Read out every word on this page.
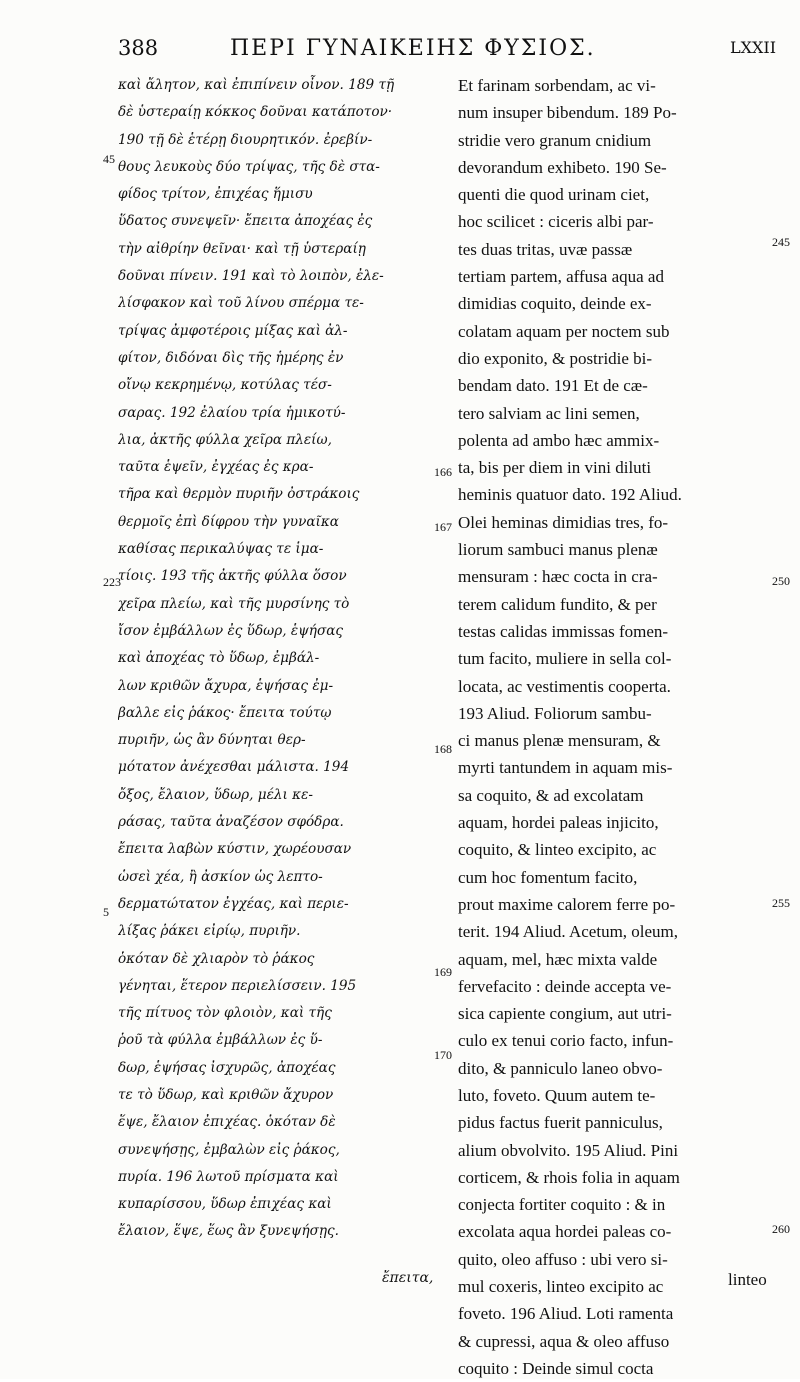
388	ΠΕΡΙ ΓΥΝΑΙΚΕΙΗΣ ΦΥΣΙΟΣ.	LXXII
καὶ ἄλητον, καὶ ἐπιπίνειν οἶνον. 189 τῇ
δὲ ὑστεραίῃ κόκκος δοῦναι κατάποτον·
190 τῇ δὲ ἑτέρῃ διουρητικόν. ἐρεβίν-
θους λευκοὺς δύο τρίψας, τῆς δὲ στα-
φίδος τρίτον, ἐπιχέας ἥμισυ
ὕδατος συνεψεῖν· ἔπειτα ἀποχέας ἐς
τὴν αἰθρίην θεῖναι· καὶ τῇ ὑστεραίῃ
δοῦναι πίνειν. 191 καὶ τὸ λοιπὸν, ἐλε-
λίσφακον καὶ τοῦ λίνου σπέρμα τε-
τρίψας ἀμφοτέροις μίξας καὶ ἀλ-
φίτον, διδόναι δὶς τῆς ἡμέρης ἐν
οἴνῳ κεκρημένῳ, κοτύλας τέσ-
σαρας. 192 ἐλαίου τρία ἡμικοτύ-
λια, ἀκτῆς φύλλα χεῖρα πλείω,
ταῦτα ἑψεῖν, ἐγχέας ἐς κρα-
τῆρα καὶ θερμὸν πυριῆν ὀστράκοις
θερμοῖς ἐπὶ δίφρου τὴν γυναῖκα
καθίσας περικαλύψας τε ἱμα-
τίοις. 193 τῆς ἀκτῆς φύλλα ὅσον
χεῖρα πλείω, καὶ τῆς μυρσίνης τὸ
ἴσον ἐμβάλλων ἐς ὕδωρ, ἑψήσας
καὶ ἀποχέας τὸ ὕδωρ, ἐμβάλ-
λων κριθῶν ἄχυρα, ἑψήσας ἐμ-
βαλλε εἰς ῥάκος· ἔπειτα τούτῳ
πυριῆν, ὡς ἂν δύνηται θερ-
μότατον ἀνέχεσθαι μάλιστα. 194
ὄξος, ἔλαιον, ὕδωρ, μέλι κε-
ράσας, ταῦτα ἀναζέσον σφόδρα.
ἔπειτα λαβὼν κύστιν, χωρέουσαν
ὡσεὶ χέα, ἢ ἀσκίον ὡς λεπτο-
δερματώτατον ἐγχέας, καὶ περιε-
λίξας ῥάκει εἰρίῳ, πυριῆν.
ὁκόταν δὲ χλιαρὸν τὸ ῥάκος
γένηται, ἕτερον περιελίσσειν. 195
τῆς πίτυος τὸν φλοιὸν, καὶ τῆς
ῥοῦ τὰ φύλλα ἐμβάλλων ἐς ὕ-
δωρ, ἑψήσας ἰσχυρῶς, ἀποχέας
τε τὸ ὕδωρ, καὶ κριθῶν ἄχυρον
ἕψε, ἔλαιον ἐπιχέας. ὁκόταν δὲ
συνεψήσῃς, ἐμβαλὼν εἰς ῥάκος,
πυρία. 196 λωτοῦ πρίσματα καὶ
κυπαρίσσου, ὕδωρ ἐπιχέας καὶ
ἔλαιον, ἕψε, ἕως ἂν ξυνεψήσῃς.
Et farinam sorbendam, ac vi-
num insuper bibendum. 189 Po-
stridie vero granum cnidium
devorandum exhibeto. 190 Se-
quenti die quod urinam ciet,
hoc scilicet : ciceris albi par-
tes duas tritas, uvæ passæ
tertiam partem, affusa aqua ad
dimidias coquito, deinde ex-
colatam aquam per noctem sub
dio exponito, & postridie bi-
bendam dato. 191 Et de cæ-
tero salviam ac lini semen,
polenta ad ambo hæc ammix-
ta, bis per diem in vini diluti
heminis quatuor dato. 192 Aliud.
Olei heminas dimidias tres, fo-
liorum sambuci manus plenæ
mensuram : hæc cocta in cra-
terem calidum fundito, & per
testas calidas immissas fomen-
tum facito, muliere in sella col-
locata, ac vestimentis cooperta.
193 Aliud. Foliorum sambu-
ci manus plenæ mensuram, &
myrti tantundem in aquam mis-
sa coquito, & ad excolatam
aquam, hordei paleas injicito,
coquito, & linteo excipito, ac
cum hoc fomentum facito,
prout maxime calorem ferre po-
terit. 194 Aliud. Acetum, oleum,
aquam, mel, hæc mixta valde
fervefacito : deinde accepta ve-
sica capiente congium, aut utri-
culo ex tenui corio facto, infun-
dito, & panniculo laneo obvo-
luto, foveto. Quum autem te-
pidus factus fuerit panniculus,
alium obvolvito. 195 Aliud. Pini
corticem, & rhois folia in aquam
conjecta fortiter coquito : & in
excolata aqua hordei paleas co-
quito, oleo affuso : ubi vero si-
mul coxeris, linteo excipito ac
foveto. 196 Aliud. Loti ramenta
& cupressi, aqua & oleo affuso
coquito : Deinde simul cocta
45
223
5
166
167
168
169
170
245
250
255
260
ἔπειτα,	linteo
